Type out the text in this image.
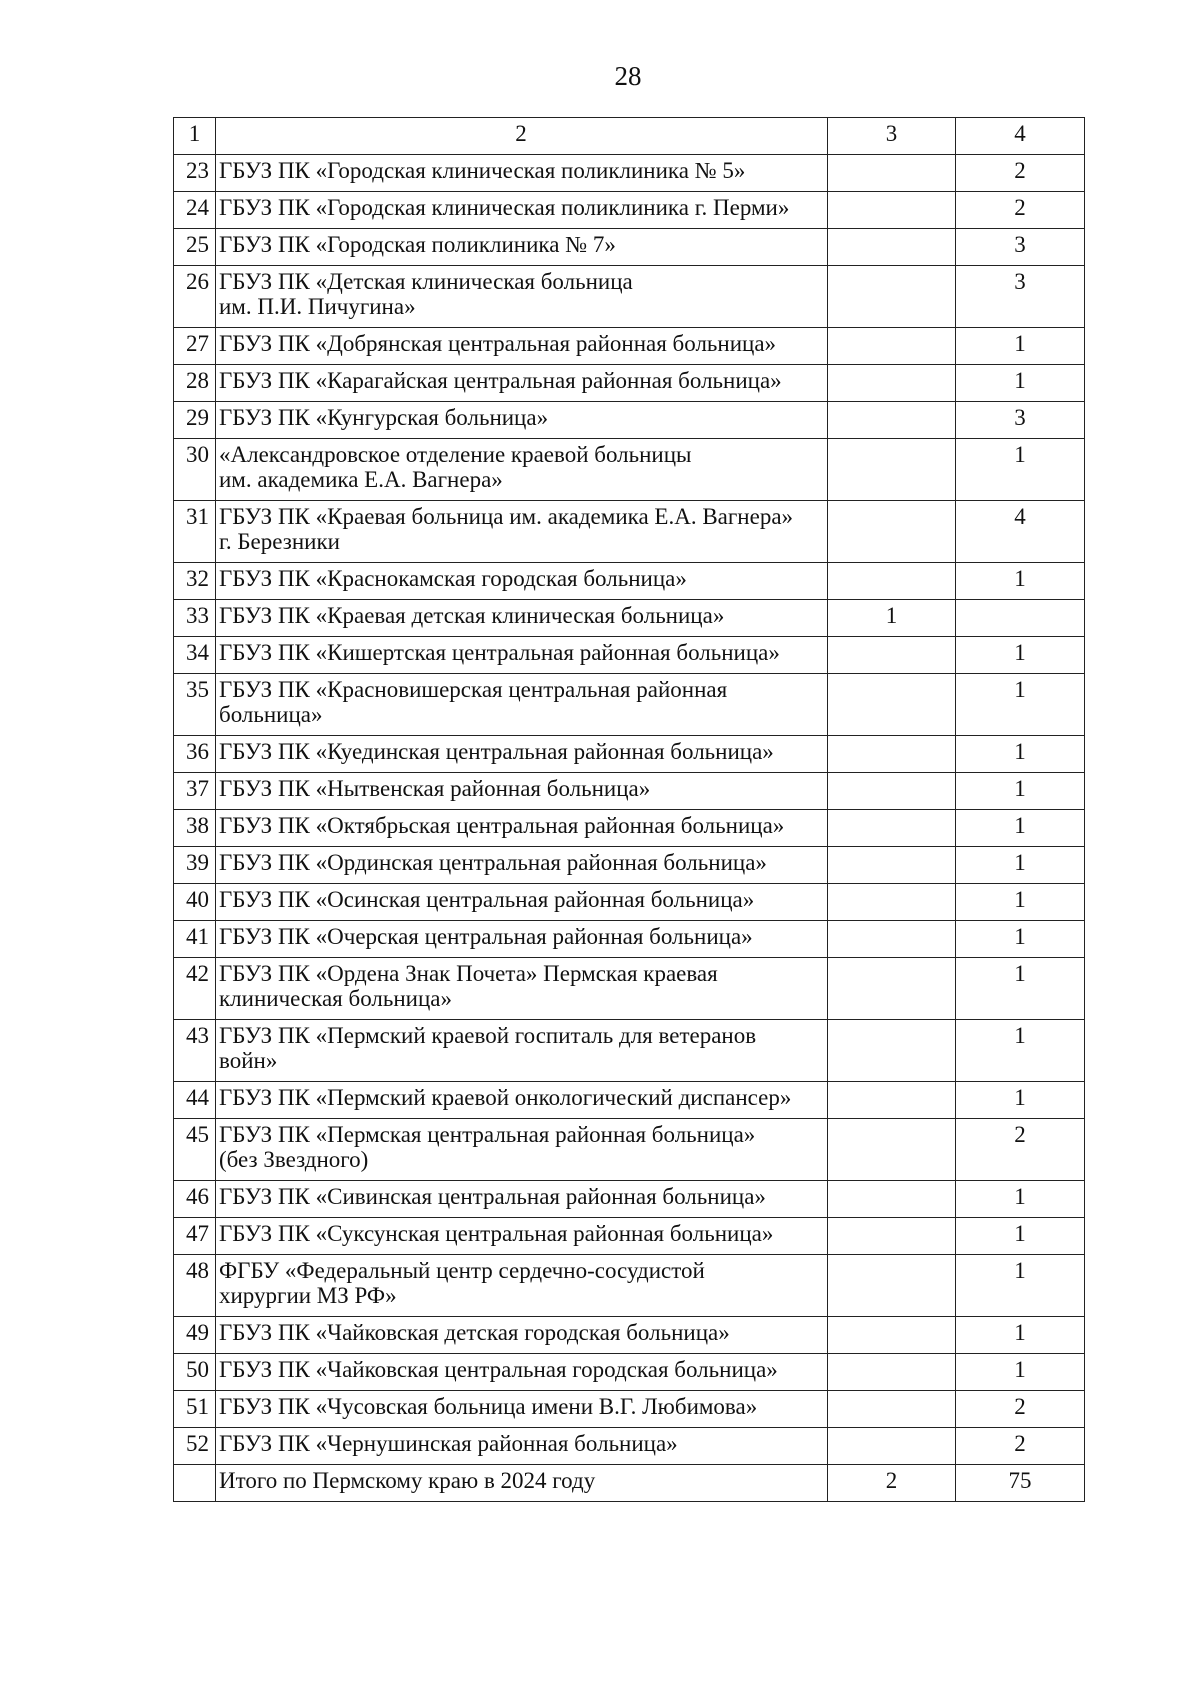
28
1	2	3	4
23	ГБУЗ ПК «Городская клиническая поликлиника № 5»		2
24	ГБУЗ ПК «Городская клиническая поликлиника г. Перми»		2
25	ГБУЗ ПК «Городская поликлиника № 7»		3
26	ГБУЗ ПК «Детская клиническая больница
им. П.И. Пичугина»		3
27	ГБУЗ ПК «Добрянская центральная районная больница»		1
28	ГБУЗ ПК «Карагайская центральная районная больница»		1
29	ГБУЗ ПК «Кунгурская больница»		3
30	«Александровское отделение краевой больницы
им. академика Е.А. Вагнера»		1
31	ГБУЗ ПК «Краевая больница им. академика Е.А. Вагнера»
г. Березники		4
32	ГБУЗ ПК «Краснокамская городская больница»		1
33	ГБУЗ ПК «Краевая детская клиническая больница»	1	
34	ГБУЗ ПК «Кишертская центральная районная больница»		1
35	ГБУЗ ПК «Красновишерская центральная районная
больница»		1
36	ГБУЗ ПК «Куединская центральная районная больница»		1
37	ГБУЗ ПК «Нытвенская районная больница»		1
38	ГБУЗ ПК «Октябрьская центральная районная больница»		1
39	ГБУЗ ПК «Ординская центральная районная больница»		1
40	ГБУЗ ПК «Осинская центральная районная больница»		1
41	ГБУЗ ПК «Очерская центральная районная больница»		1
42	ГБУЗ ПК «Ордена Знак Почета» Пермская краевая
клиническая больница»		1
43	ГБУЗ ПК «Пермский краевой госпиталь для ветеранов
войн»		1
44	ГБУЗ ПК «Пермский краевой онкологический диспансер»		1
45	ГБУЗ ПК «Пермская центральная районная больница»
(без Звездного)		2
46	ГБУЗ ПК «Сивинская центральная районная больница»		1
47	ГБУЗ ПК «Суксунская центральная районная больница»		1
48	ФГБУ «Федеральный центр сердечно-сосудистой
хирургии МЗ РФ»		1
49	ГБУЗ ПК «Чайковская детская городская больница»		1
50	ГБУЗ ПК «Чайковская центральная городская больница»		1
51	ГБУЗ ПК «Чусовская больница имени В.Г. Любимова»		2
52	ГБУЗ ПК «Чернушинская районная больница»		2
	Итого по Пермскому краю в 2024 году	2	75
